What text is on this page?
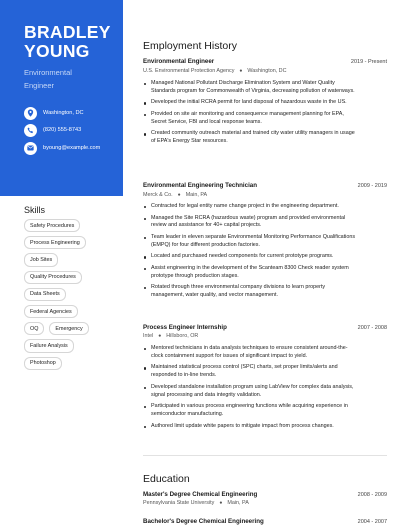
BRADLEY
YOUNG
Environmental
Engineer
Washington, DC
(820) 555-8743
byoung@example.com
Skills
Safety Procedures
Process Engineering
Job Sites
Quality Procedures
Data Sheets
Federal Agencies
OQ	Emergency
Failure Analysis
Photoshop
Employment History
Environmental Engineer	2019 - Present
U.S. Environmental Protection Agency ● Washington, DC
Managed National Pollutant Discharge Elimination System and Water Quality Standards program for Commonwealth of Virginia, decreasing pollution of waterways.
Developed the initial RCRA permit for land disposal of hazardous waste in the US.
Provided on site air monitoring and consequence management planning for EPA, Secret Service, FBI and local response teams.
Created community outreach material and trained city water utility managers in usage of EPA's Energy Star resources.
Environmental Engineering Technician	2009 - 2019
Merck & Co. ● Main, PA
Contracted for legal entity name change project in the engineering department.
Managed the Site RCRA (hazardous waste) program and provided environmental review and assistance for 40+ capital projects.
Team leader in eleven separate Environmental Monitoring Performance Qualifications (EMPQ) for four different production factories.
Located and purchased needed components for current prototype programs.
Assist engineering in the development of the Scanteam 8300 Check reader system prototype through production stages.
Rotated through three environmental company divisions to learn property management, water quality, and vector management.
Process Engineer Internship	2007 - 2008
Intel ● Hillsboro, OR
Mentored technicians in data analysis techniques to ensure consistent around-the-clock containment support for issues of significant impact to yield.
Maintained statistical process control (SPC) charts, set proper limits/alerts and responded to in-line trends.
Developed standalone installation program using LabView for complex data analysis, signal processing and data integrity validation.
Participated in various process engineering functions while acquiring experience in semiconductor manufacturing.
Authored limit update white papers to mitigate impact from process changes.
Education
Master's Degree Chemical Engineering	2008 - 2009
Pennsylvania State University ● Main, PA
Bachelor's Degree Chemical Engineering	2004 - 2007
